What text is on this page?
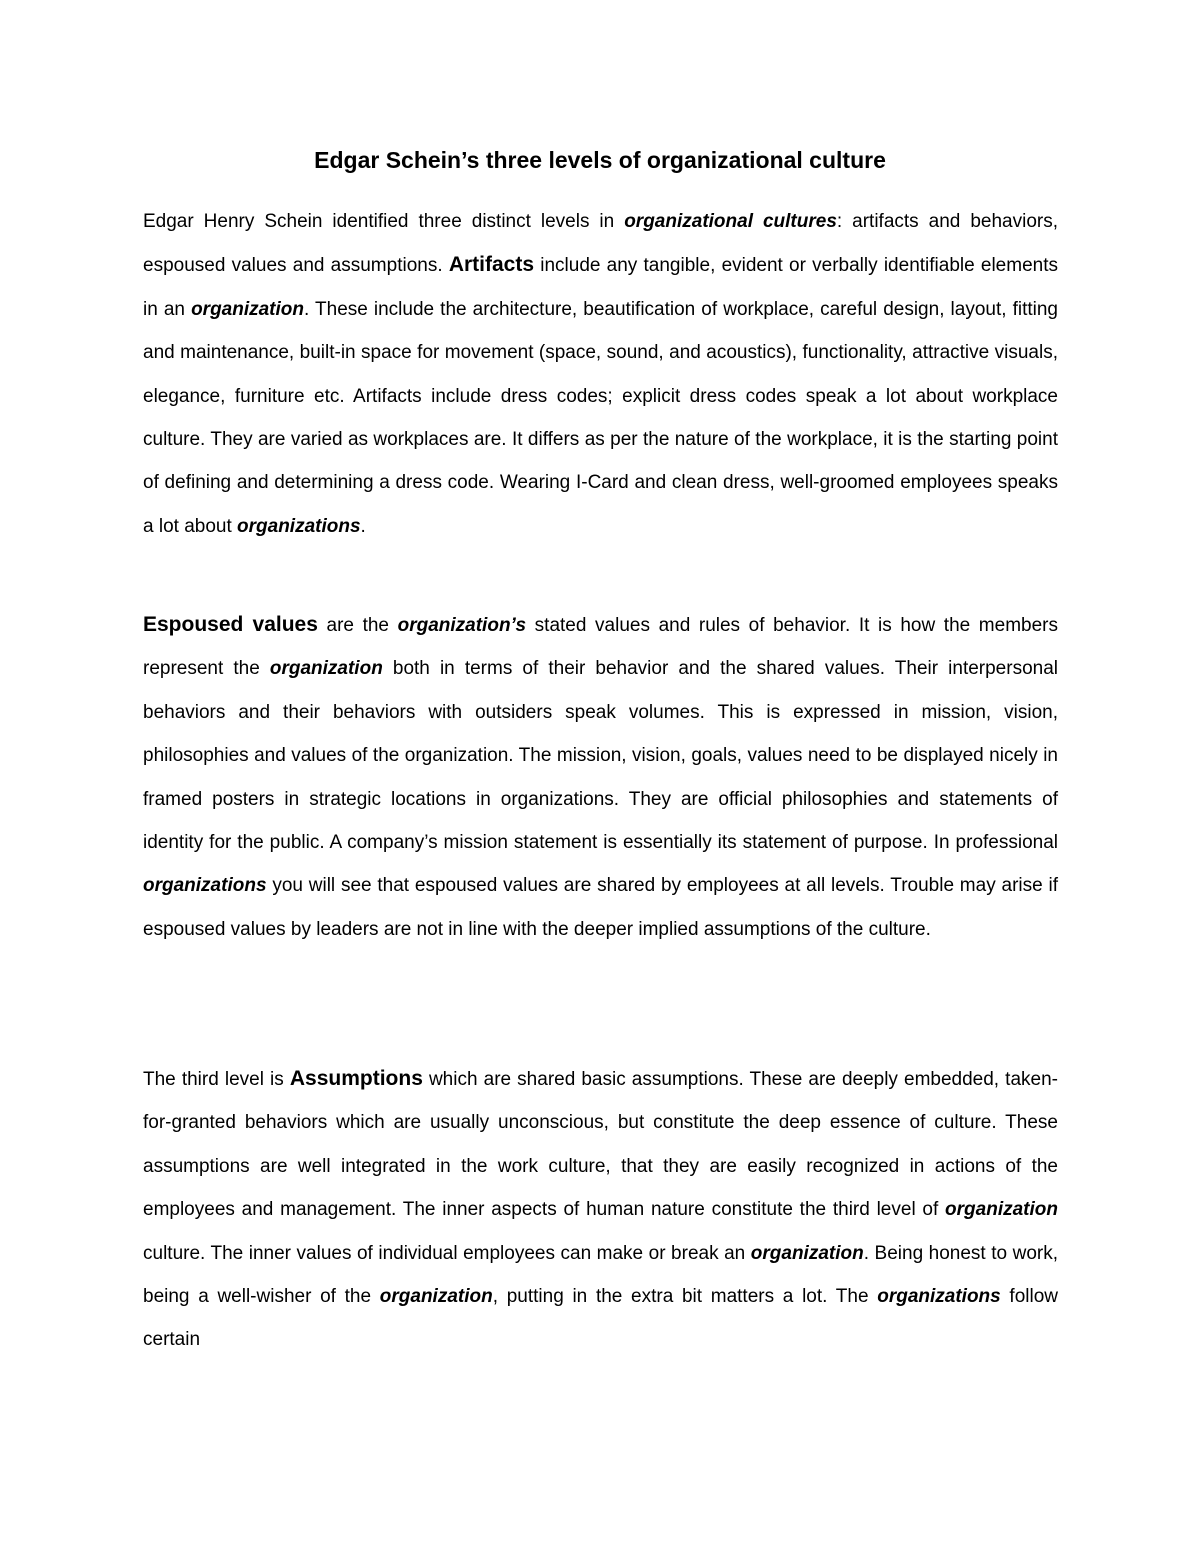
Edgar Schein’s three levels of organizational culture

Edgar Henry Schein identified three distinct levels in organizational cultures: artifacts and behaviors, espoused values and assumptions. Artifacts include any tangible, evident or verbally identifiable elements in an organization. These include the architecture, beautification of workplace, careful design, layout, fitting and maintenance, built-in space for movement (space, sound, and acoustics), functionality, attractive visuals, elegance, furniture etc. Artifacts include dress codes; explicit dress codes speak a lot about workplace culture. They are varied as workplaces are. It differs as per the nature of the workplace, it is the starting point of defining and determining a dress code. Wearing I-Card and clean dress, well-groomed employees speaks a lot about organizations.

Espoused values are the organization’s stated values and rules of behavior. It is how the members represent the organization both in terms of their behavior and the shared values. Their interpersonal behaviors and their behaviors with outsiders speak volumes. This is expressed in mission, vision, philosophies and values of the organization. The mission, vision, goals, values need to be displayed nicely in framed posters in strategic locations in organizations. They are official philosophies and statements of identity for the public. A company’s mission statement is essentially its statement of purpose. In professional organizations you will see that espoused values are shared by employees at all levels. Trouble may arise if espoused values by leaders are not in line with the deeper implied assumptions of the culture.

The third level is Assumptions which are shared basic assumptions. These are deeply embedded, taken-for-granted behaviors which are usually unconscious, but constitute the deep essence of culture. These assumptions are well integrated in the work culture, that they are easily recognized in actions of the employees and management. The inner aspects of human nature constitute the third level of organization culture. The inner values of individual employees can make or break an organization. Being honest to work, being a well-wisher of the organization, putting in the extra bit matters a lot. The organizations follow certain
